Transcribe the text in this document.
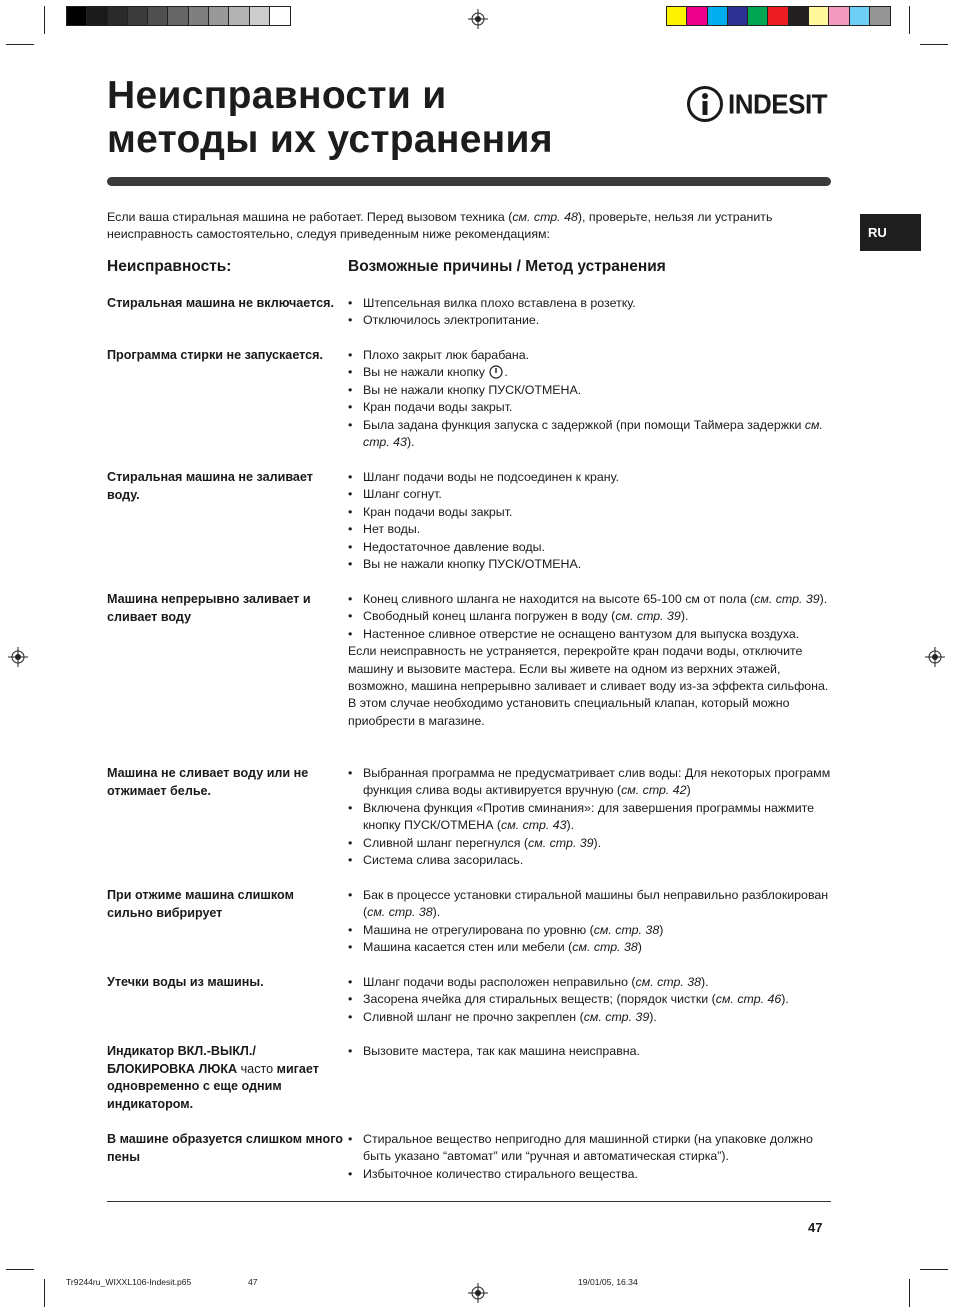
Неисправности и
методы их устранения
INDESIT
RU
Если ваша стиральная машина не работает. Перед вызовом техника (см. стр. 48), проверьте, нельзя ли устранить неисправность самостоятельно, следуя приведенным ниже рекомендациям:
Неисправность:	Возможные причины / Метод устранения
Стиральная машина не включается.	• Штепсельная вилка плохо вставлена в розетку.
• Отключилось электропитание.
Программа стирки не запускается.	• Плохо закрыт люк барабана.
• Вы не нажали кнопку .
• Вы не нажали кнопку ПУСК/ОТМЕНА.
• Кран подачи воды закрыт.
• Была задана функция запуска с задержкой (при помощи Таймера задержки см. стр. 43).
Стиральная машина не заливает воду.
• Шланг подачи воды не подсоединен к крану.
• Шланг согнут.
• Кран подачи воды закрыт.
• Нет воды.
• Недостаточное давление воды.
• Вы не нажали кнопку ПУСК/ОТМЕНА.
Машина непрерывно заливает и сливает воду
• Конец сливного шланга не находится на высоте 65-100 см от пола (см. стр. 39).
• Свободный конец шланга погружен в воду (см. стр. 39).
• Настенное сливное отверстие не оснащено вантузом для выпуска воздуха.
Если неисправность не устраняется, перекройте кран подачи воды, отключите машину и вызовите мастера. Если вы живете на одном из верхних этажей, возможно, машина непрерывно заливает и сливает воду из-за эффекта сильфона. В этом случае необходимо установить специальный клапан, который можно приобрести в магазине.
Машина не сливает воду или не отжимает белье.
• Выбранная программа не предусматривает слив воды: Для некоторых программ функция слива воды активируется вручную (см. стр. 42)
• Включена функция «Против сминания»: для завершения программы нажмите кнопку ПУСК/ОТМЕНА (см. стр. 43).
• Сливной шланг перегнулся (см. стр. 39).
• Система слива засорилась.
При отжиме машина слишком сильно вибрирует
• Бак в процессе установки стиральной машины был неправильно разблокирован (см. стр. 38).
• Машина не отрегулирована по уровню (см. стр. 38)
• Машина касается стен или мебели (см. стр. 38)
Утечки воды из машины.	• Шланг подачи воды расположен неправильно (см. стр. 38).
• Засорена ячейка для стиральных веществ; (порядок чистки (см. стр. 46).
• Сливной шланг не прочно закреплен (см. стр. 39).
Индикатор ВКЛ.-ВЫКЛ./ БЛОКИРОВКА ЛЮКА часто мигает одновременно с еще одним индикатором.
• Вызовите мастера, так как машина неисправна.
В машине образуется слишком много пены
• Стиральное вещество непригодно для машинной стирки (на упаковке должно быть указано “автомат” или “ручная и автоматическая стирка”).
• Избыточное количество стирального вещества.
47
Tr9244ru_WIXXL106-Indesit.p65	47	19/01/05, 16.34
